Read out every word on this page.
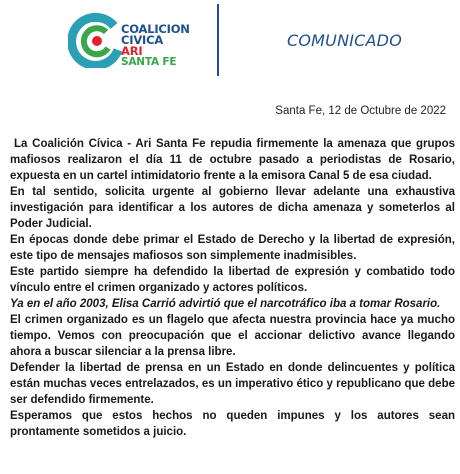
COALICION
CIVICA
ARI
SANTA FE
COMUNICADO
Santa Fe, 12 de Octubre de 2022

La Coalición Cívica - Ari Santa Fe repudia firmemente la amenaza que grupos mafiosos realizaron el día 11 de octubre pasado a periodistas de Rosario, expuesta en un cartel intimidatorio frente a la emisora Canal 5 de esa ciudad.

En tal sentido, solicita urgente al gobierno llevar adelante una exhaustiva investigación para identificar a los autores de dicha amenaza y someterlos al Poder Judicial.

En épocas donde debe primar el Estado de Derecho y la libertad de expresión, este tipo de mensajes mafiosos son simplemente inadmisibles.

Este partido siempre ha defendido la libertad de expresión y combatido todo vínculo entre el crimen organizado y actores políticos.

Ya en el año 2003, Elisa Carrió advirtió que el narcotráfico iba a tomar Rosario.

El crimen organizado es un flagelo que afecta nuestra provincia hace ya mucho tiempo. Vemos con preocupación que el accionar delictivo avance llegando ahora a buscar silenciar a la prensa libre.

Defender la libertad de prensa en un Estado en donde delincuentes y política están muchas veces entrelazados, es un imperativo ético y republicano que debe ser defendido firmemente.

Esperamos que estos hechos no queden impunes y los autores sean prontamente sometidos a juicio.
